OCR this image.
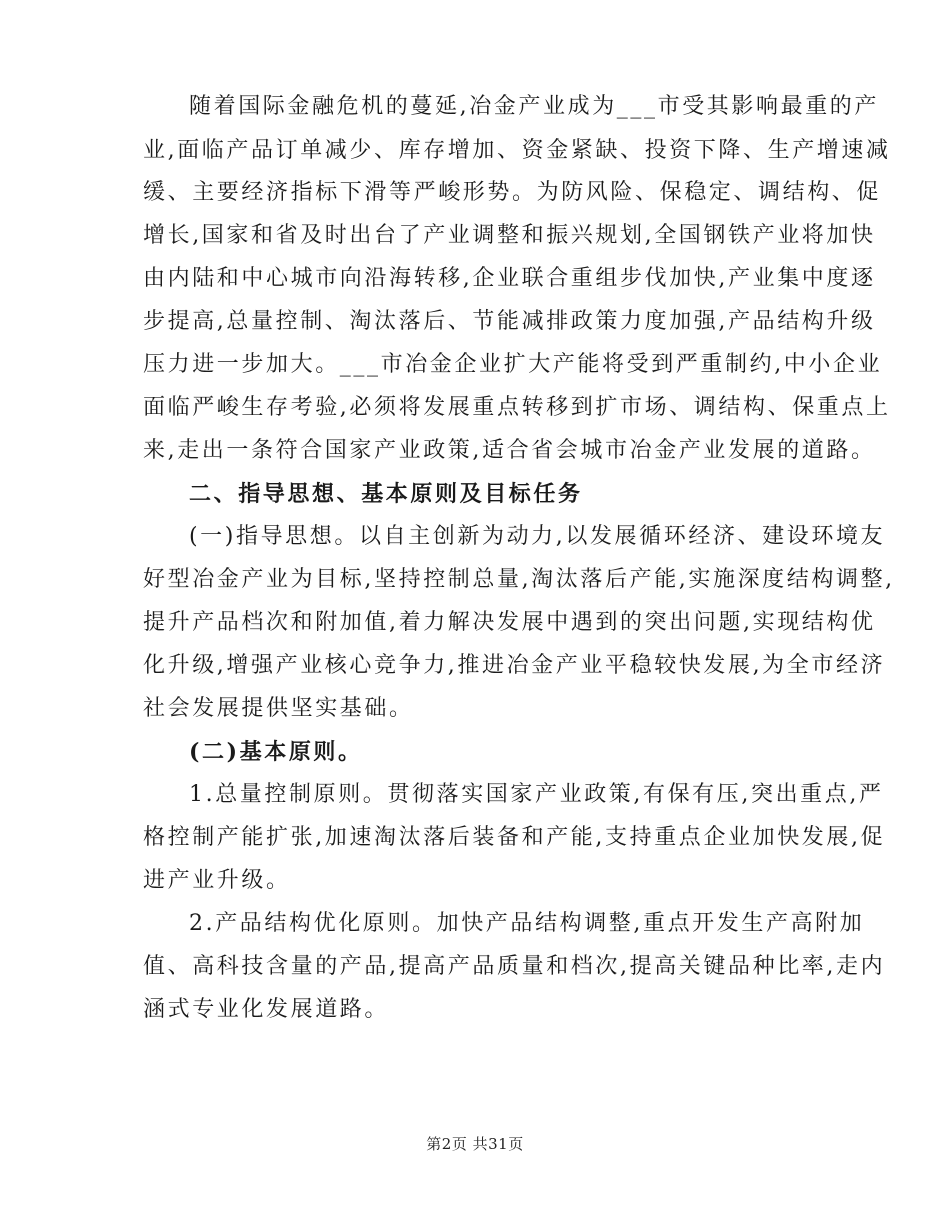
随着国际金融危机的蔓延,冶金产业成为___市受其影响最重的产
业,面临产品订单减少、库存增加、资金紧缺、投资下降、生产增速减
缓、主要经济指标下滑等严峻形势。为防风险、保稳定、调结构、促
增长,国家和省及时出台了产业调整和振兴规划,全国钢铁产业将加快
由内陆和中心城市向沿海转移,企业联合重组步伐加快,产业集中度逐
步提高,总量控制、淘汰落后、节能减排政策力度加强,产品结构升级
压力进一步加大。___市冶金企业扩大产能将受到严重制约,中小企业
面临严峻生存考验,必须将发展重点转移到扩市场、调结构、保重点上
来,走出一条符合国家产业政策,适合省会城市冶金产业发展的道路。
二、指导思想、基本原则及目标任务
(一)指导思想。以自主创新为动力,以发展循环经济、建设环境友
好型冶金产业为目标,坚持控制总量,淘汰落后产能,实施深度结构调整,
提升产品档次和附加值,着力解决发展中遇到的突出问题,实现结构优
化升级,增强产业核心竞争力,推进冶金产业平稳较快发展,为全市经济
社会发展提供坚实基础。
(二)基本原则。
1.总量控制原则。贯彻落实国家产业政策,有保有压,突出重点,严
格控制产能扩张,加速淘汰落后装备和产能,支持重点企业加快发展,促
进产业升级。
2.产品结构优化原则。加快产品结构调整,重点开发生产高附加
值、高科技含量的产品,提高产品质量和档次,提高关键品种比率,走内
涵式专业化发展道路。
第2页 共31页
